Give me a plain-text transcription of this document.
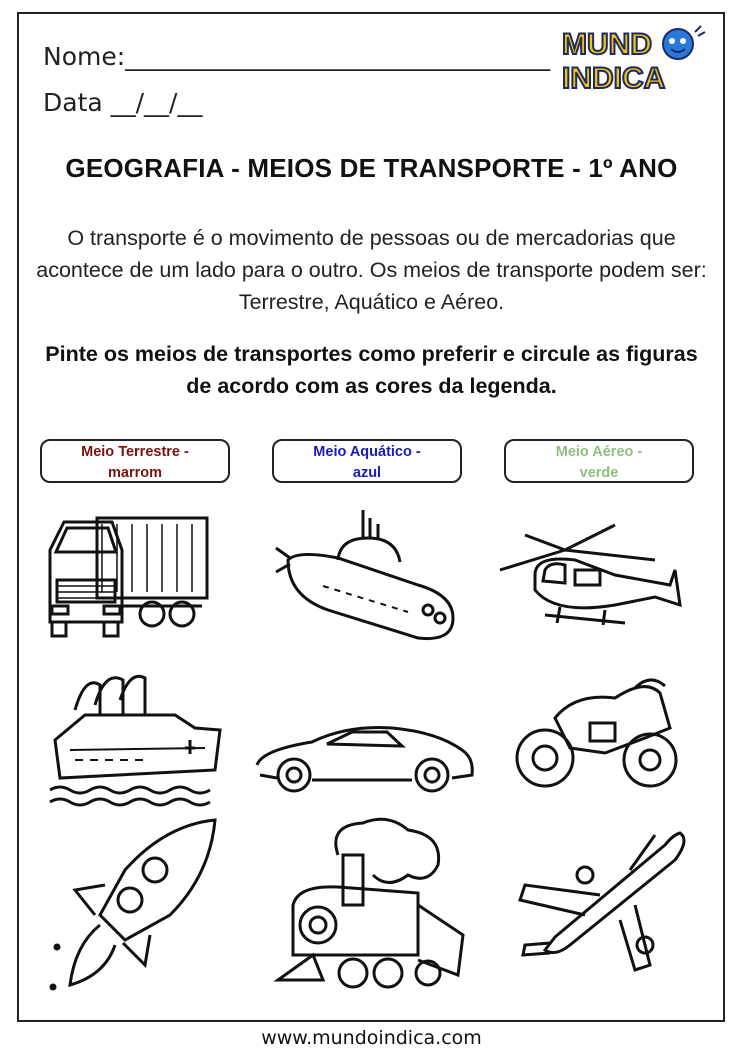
Nome:__________________________________
Data __/__/__
MUND
INDICA
GEOGRAFIA - MEIOS DE TRANSPORTE - 1º ANO
O transporte é o movimento de pessoas ou de mercadorias que acontece de um lado para o outro. Os meios de transporte podem ser: Terrestre, Aquático e Aéreo.
Pinte os meios de transportes como preferir e circule as figuras de acordo com as cores da legenda.
Meio Terrestre -
marrom
Meio Aquático -
azul
Meio Aéreo -
verde
www.mundoindica.com
